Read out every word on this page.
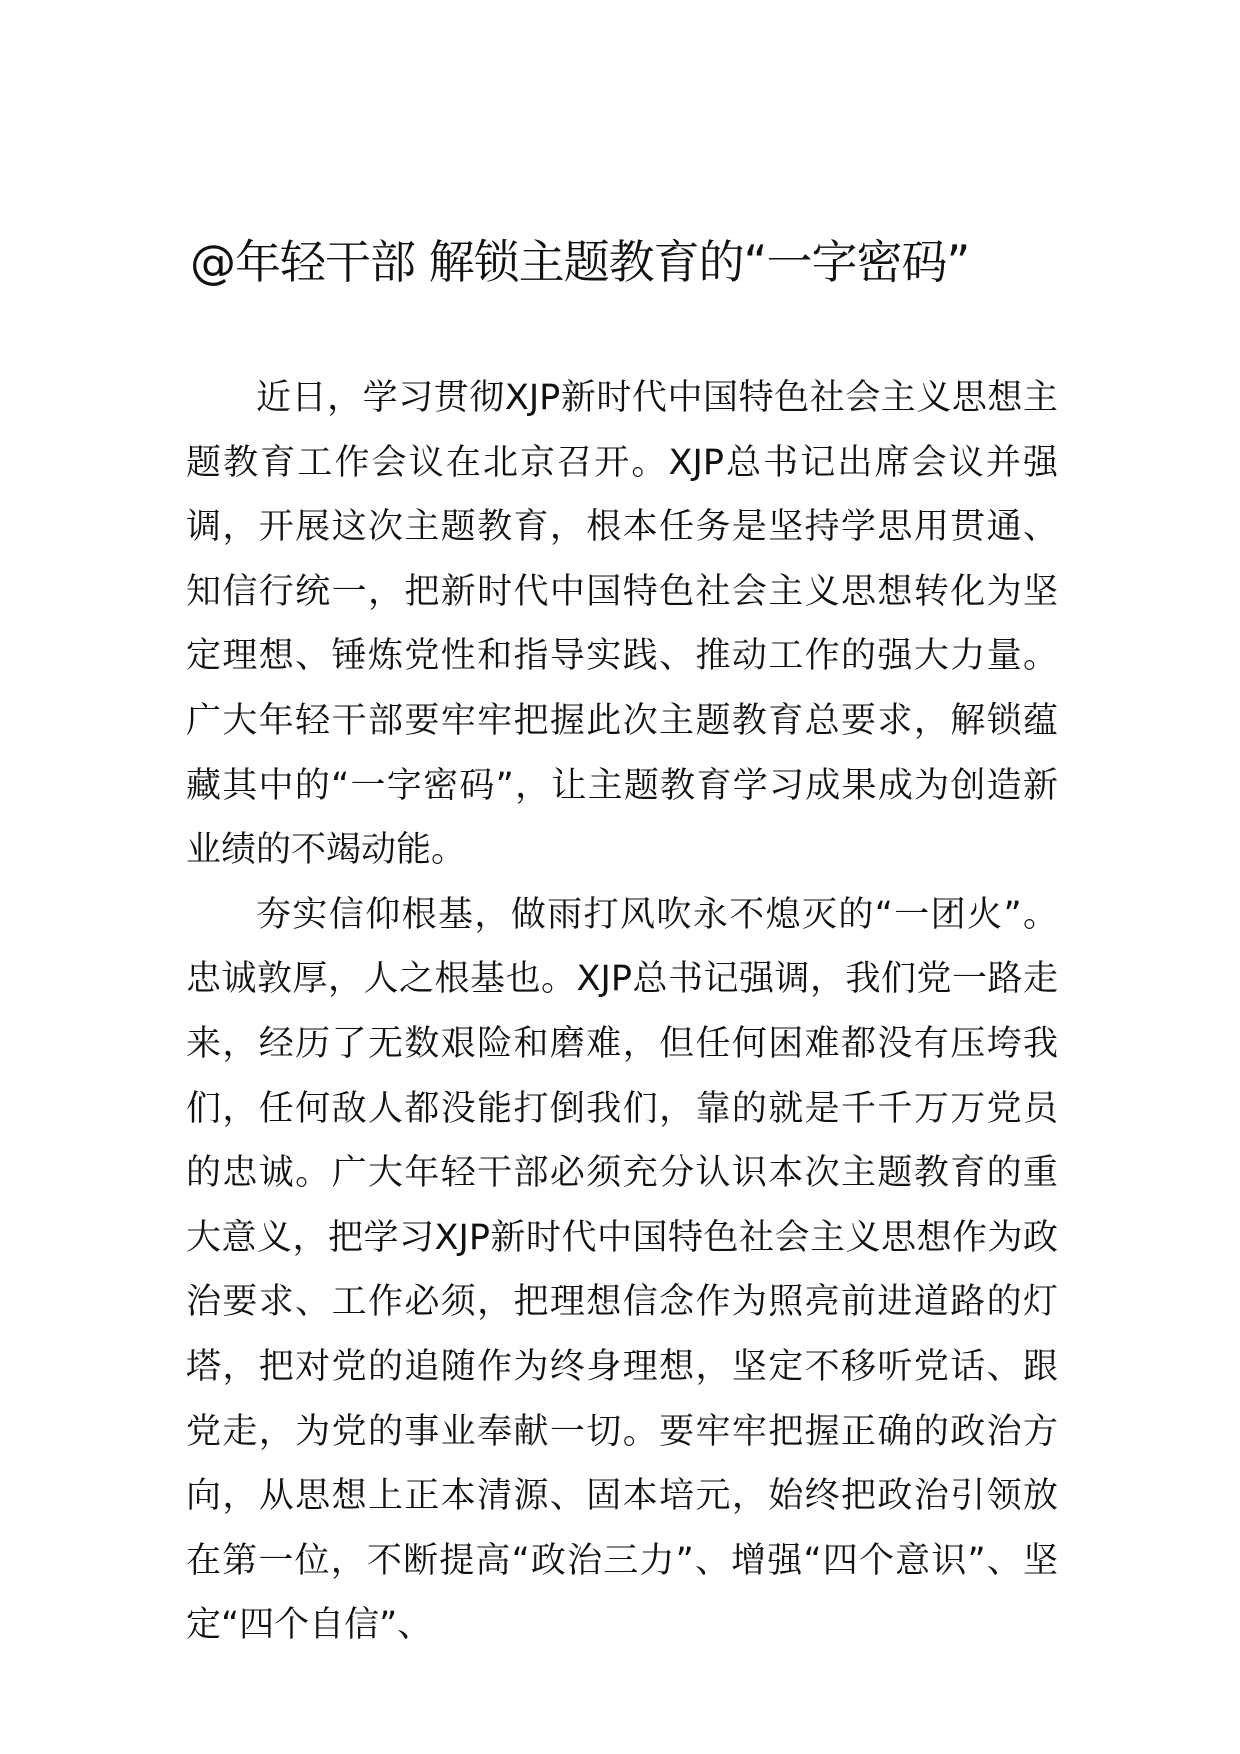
@年轻干部 解锁主题教育的“一字密码”

近日，学习贯彻XJP新时代中国特色社会主义思想主题教育工作会议在北京召开。XJP总书记出席会议并强调，开展这次主题教育，根本任务是坚持学思用贯通、知信行统一，把新时代中国特色社会主义思想转化为坚定理想、锤炼党性和指导实践、推动工作的强大力量。广大年轻干部要牢牢把握此次主题教育总要求，解锁蕴藏其中的“一字密码”，让主题教育学习成果成为创造新业绩的不竭动能。

夯实信仰根基，做雨打风吹永不熄灭的“一团火”。忠诚敦厚，人之根基也。XJP总书记强调，我们党一路走来，经历了无数艰险和磨难，但任何困难都没有压垮我们，任何敌人都没能打倒我们，靠的就是千千万万党员的忠诚。广大年轻干部必须充分认识本次主题教育的重大意义，把学习XJP新时代中国特色社会主义思想作为政治要求、工作必须，把理想信念作为照亮前进道路的灯塔，把对党的追随作为终身理想，坚定不移听党话、跟党走，为党的事业奉献一切。要牢牢把握正确的政治方向，从思想上正本清源、固本培元，始终把政治引领放在第一位，不断提高“政治三力”、增强“四个意识”、坚定“四个自信”、
